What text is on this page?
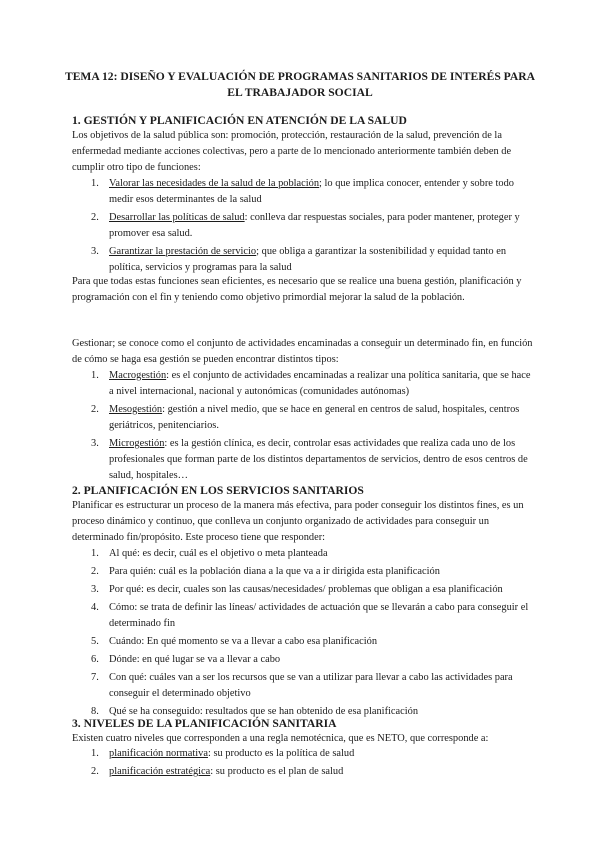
TEMA 12: DISEÑO Y EVALUACIÓN DE PROGRAMAS SANITARIOS DE INTERÉS PARA EL TRABAJADOR SOCIAL
1. GESTIÓN Y PLANIFICACIÓN EN ATENCIÓN DE LA SALUD

Los objetivos de la salud pública son: promoción, protección, restauración de la salud, prevención de la enfermedad mediante acciones colectivas, pero a parte de lo mencionado anteriormente también deben de cumplir otro tipo de funciones:

1. Valorar las necesidades de la salud de la población; lo que implica conocer, entender y sobre todo medir esos determinantes de la salud
2. Desarrollar las políticas de salud: conlleva dar respuestas sociales, para poder mantener, proteger y promover esa salud.
3. Garantizar la prestación de servicio; que obliga a garantizar la sostenibilidad y equidad tanto en política, servicios y programas para la salud

Para que todas estas funciones sean eficientes, es necesario que se realice una buena gestión, planificación y programación con el fin y teniendo como objetivo primordial mejorar la salud de la población.

Gestionar; se conoce como el conjunto de actividades encaminadas a conseguir un determinado fin, en función de cómo se haga esa gestión se pueden encontrar distintos tipos:

1. Macrogestión: es el conjunto de actividades encaminadas a realizar una política sanitaria, que se hace a nivel internacional, nacional y autonómicas (comunidades autónomas)
2. Mesogestión: gestión a nivel medio, que se hace en general en centros de salud, hospitales, centros geriátricos, penitenciarios.
3. Microgestión: es la gestión clínica, es decir, controlar esas actividades que realiza cada uno de los profesionales que forman parte de los distintos departamentos de servicios, dentro de esos centros de salud, hospitales…
2. PLANIFICACIÓN EN LOS SERVICIOS SANITARIOS

Planificar es estructurar un proceso de la manera más efectiva, para poder conseguir los distintos fines, es un proceso dinámico y continuo, que conlleva un conjunto organizado de actividades para conseguir un determinado fin/propósito. Este proceso tiene que responder:

1. Al qué: es decir, cuál es el objetivo o meta planteada
2. Para quién: cuál es la población diana a la que va a ir dirigida esta planificación
3. Por qué: es decir, cuales son las causas/necesidades/ problemas que obligan a esa planificación
4. Cómo: se trata de definir las líneas/ actividades de actuación que se llevarán a cabo para conseguir el determinado fin
5. Cuándo: En qué momento se va a llevar a cabo esa planificación
6. Dónde: en qué lugar se va a llevar a cabo
7. Con qué: cuáles van a ser los recursos que se van a utilizar para llevar a cabo las actividades para conseguir el determinado objetivo
8. Qué se ha conseguido: resultados que se han obtenido de esa planificación
3. NIVELES DE LA PLANIFICACIÓN SANITARIA

Existen cuatro niveles que corresponden a una regla nemotécnica, que es NETO, que corresponde a:

1. planificación normativa: su producto es la política de salud
2. planificación estratégica: su producto es el plan de salud
